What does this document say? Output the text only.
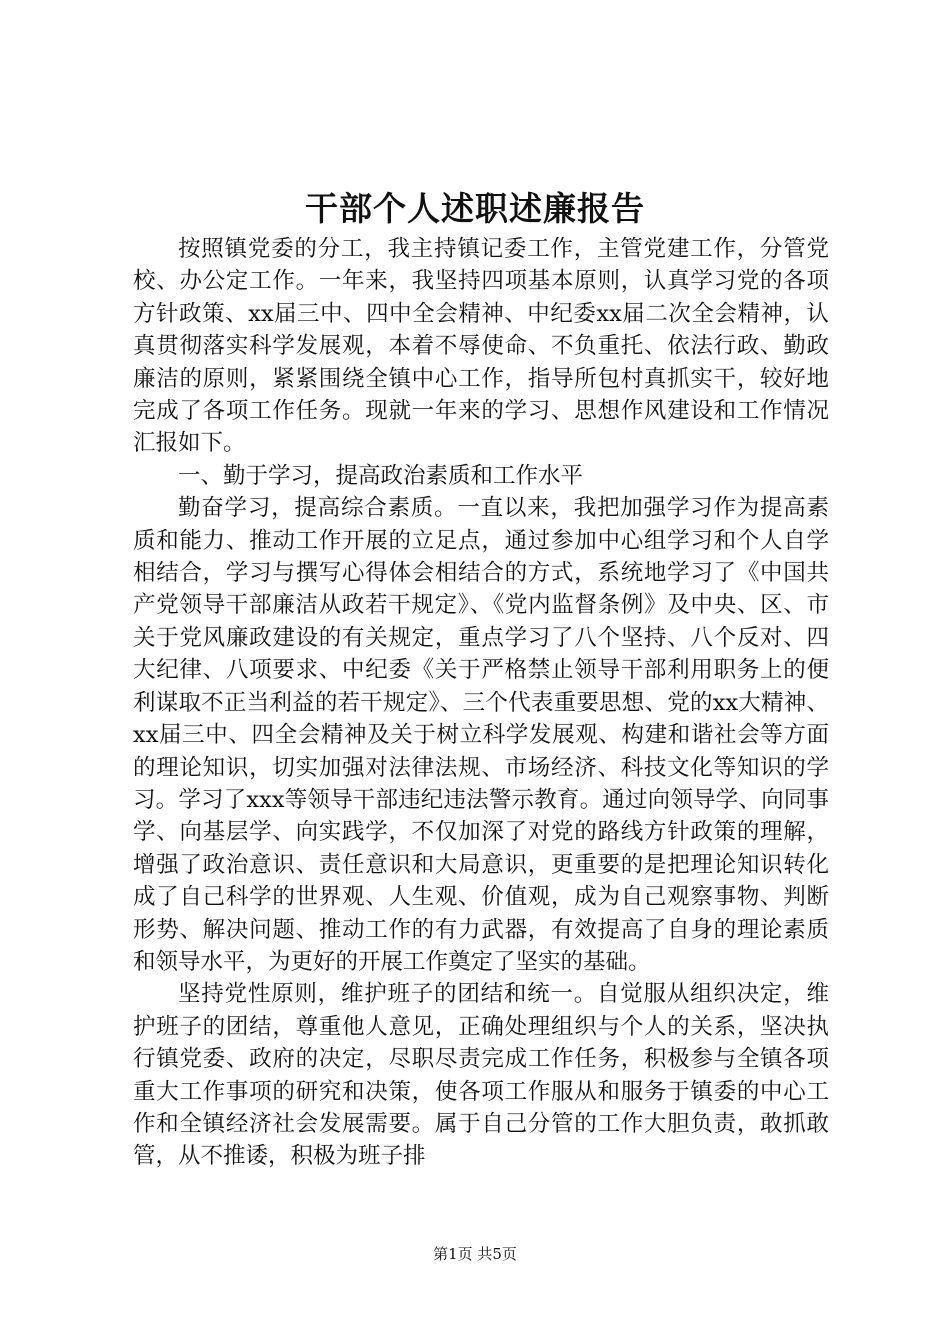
干部个人述职述廉报告

按照镇党委的分工，我主持镇记委工作，主管党建工作，分管党校、办公定工作。一年来，我坚持四项基本原则，认真学习党的各项方针政策、xx届三中、四中全会精神、中纪委xx届二次全会精神，认真贯彻落实科学发展观，本着不辱使命、不负重托、依法行政、勤政廉洁的原则，紧紧围绕全镇中心工作，指导所包村真抓实干，较好地完成了各项工作任务。现就一年来的学习、思想作风建设和工作情况汇报如下。

一、勤于学习，提高政治素质和工作水平

勤奋学习，提高综合素质。一直以来，我把加强学习作为提高素质和能力、推动工作开展的立足点，通过参加中心组学习和个人自学相结合，学习与撰写心得体会相结合的方式，系统地学习了《中国共产党领导干部廉洁从政若干规定》、《党内监督条例》及中央、区、市关于党风廉政建设的有关规定，重点学习了八个坚持、八个反对、四大纪律、八项要求、中纪委《关于严格禁止领导干部利用职务上的便利谋取不正当利益的若干规定》、三个代表重要思想、党的xx大精神、xx届三中、四全会精神及关于树立科学发展观、构建和谐社会等方面的理论知识，切实加强对法律法规、市场经济、科技文化等知识的学习。学习了xxx等领导干部违纪违法警示教育。通过向领导学、向同事学、向基层学、向实践学，不仅加深了对党的路线方针政策的理解，增强了政治意识、责任意识和大局意识，更重要的是把理论知识转化成了自己科学的世界观、人生观、价值观，成为自己观察事物、判断形势、解决问题、推动工作的有力武器，有效提高了自身的理论素质和领导水平，为更好的开展工作奠定了坚实的基础。

坚持党性原则，维护班子的团结和统一。自觉服从组织决定，维护班子的团结，尊重他人意见，正确处理组织与个人的关系，坚决执行镇党委、政府的决定，尽职尽责完成工作任务，积极参与全镇各项重大工作事项的研究和决策，使各项工作服从和服务于镇委的中心工作和全镇经济社会发展需要。属于自己分管的工作大胆负责，敢抓敢管，从不推诿，积极为班子排

第1页 共5页
